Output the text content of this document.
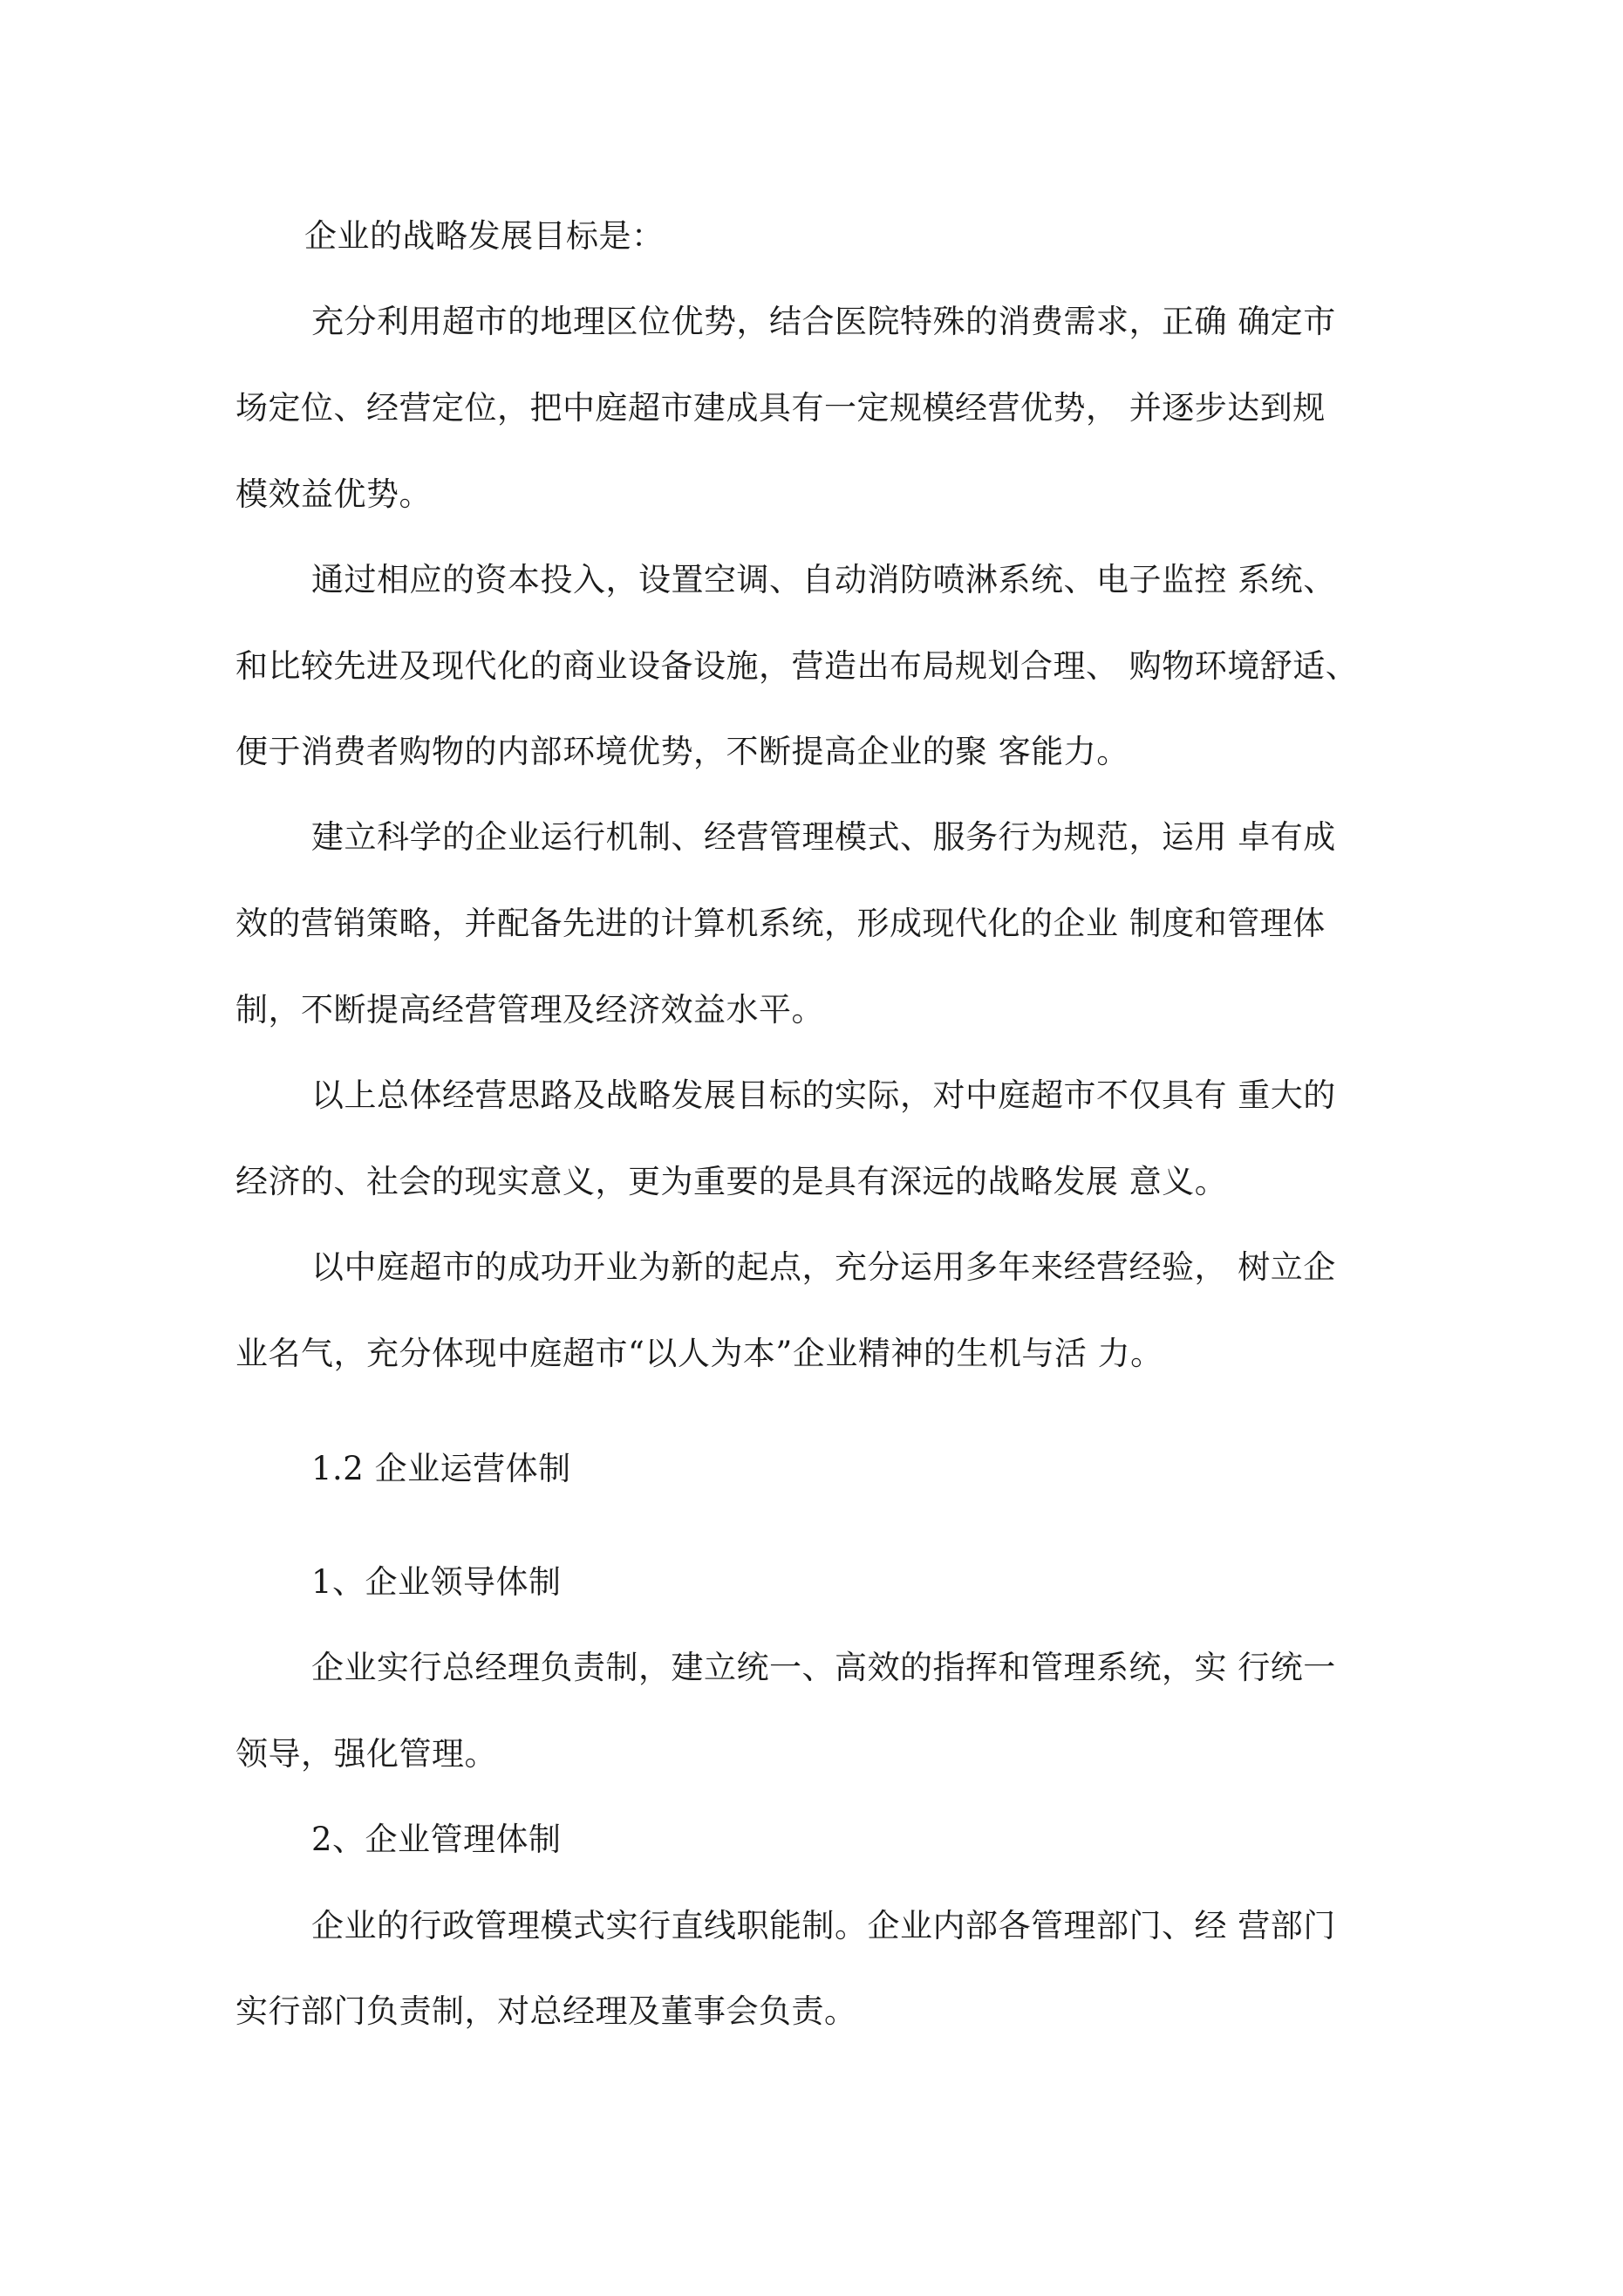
企业的战略发展目标是：
充分利用超市的地理区位优势，结合医院特殊的消费需求，正确 确定市
场定位、经营定位，把中庭超市建成具有一定规模经营优势， 并逐步达到规
模效益优势。
通过相应的资本投入，设置空调、自动消防喷淋系统、电子监控 系统、
和比较先进及现代化的商业设备设施，营造出布局规划合理、 购物环境舒适、
便于消费者购物的内部环境优势，不断提高企业的聚 客能力。
建立科学的企业运行机制、经营管理模式、服务行为规范，运用 卓有成
效的营销策略，并配备先进的计算机系统，形成现代化的企业 制度和管理体
制，不断提高经营管理及经济效益水平。
以上总体经营思路及战略发展目标的实际，对中庭超市不仅具有 重大的
经济的、社会的现实意义，更为重要的是具有深远的战略发展 意义。
以中庭超市的成功开业为新的起点，充分运用多年来经营经验， 树立企
业名气，充分体现中庭超市“以人为本”企业精神的生机与活 力。
1.2 企业运营体制
1、企业领导体制
企业实行总经理负责制，建立统一、高效的指挥和管理系统，实 行统一
领导，强化管理。
2、企业管理体制
企业的行政管理模式实行直线职能制。企业内部各管理部门、经 营部门
实行部门负责制，对总经理及董事会负责。
